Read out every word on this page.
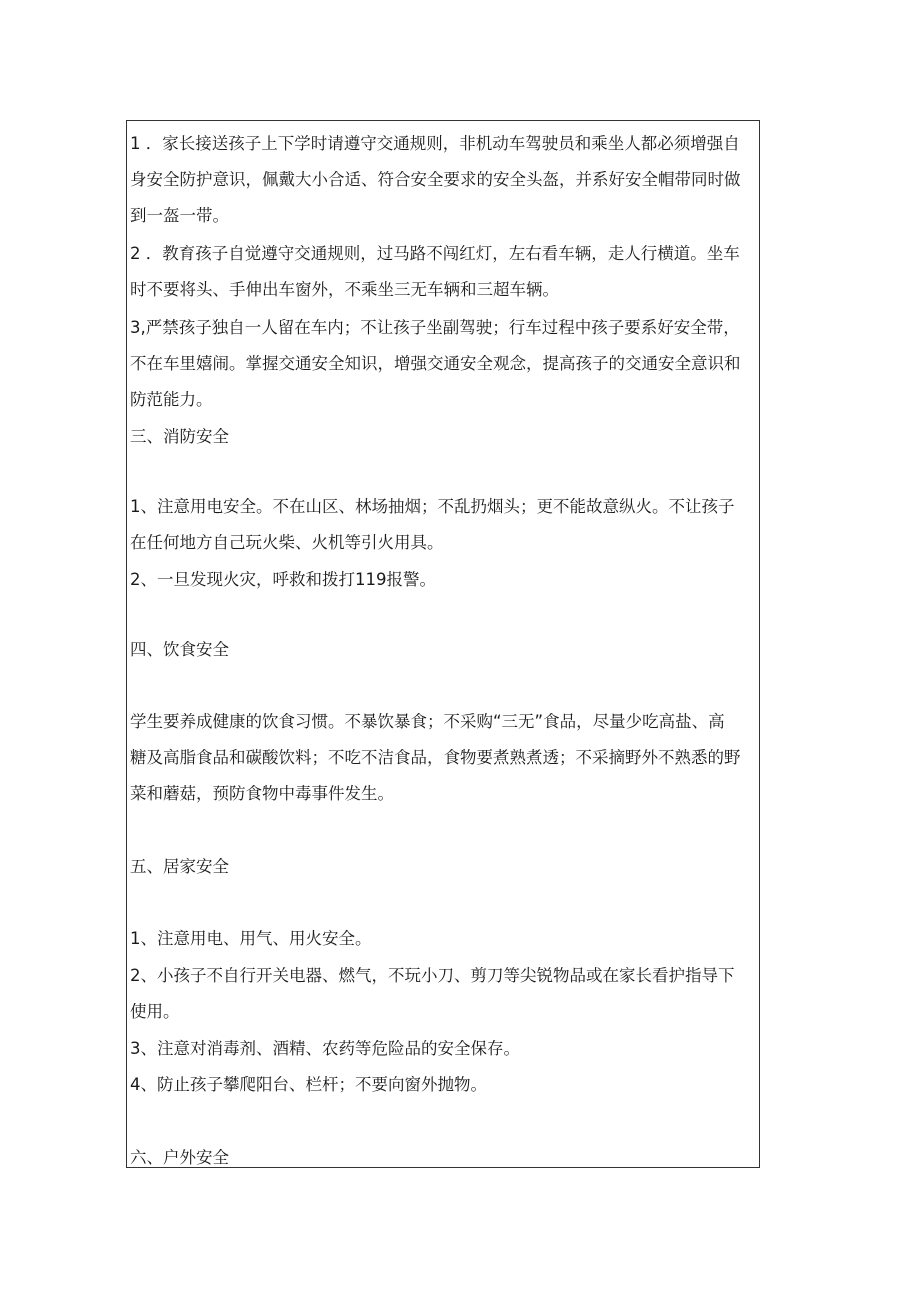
1 ．家长接送孩子上下学时请遵守交通规则，非机动车驾驶员和乘坐人都必须增强自
身安全防护意识，佩戴大小合适、符合安全要求的安全头盔，并系好安全帽带同时做
到一盔一带。
2 ．教育孩子自觉遵守交通规则，过马路不闯红灯，左右看车辆，走人行横道。坐车
时不要将头、手伸出车窗外，不乘坐三无车辆和三超车辆。
3,严禁孩子独自一人留在车内；不让孩子坐副驾驶；行车过程中孩子要系好安全带，
不在车里嬉闹。掌握交通安全知识，增强交通安全观念，提高孩子的交通安全意识和
防范能力。
三、消防安全
1、注意用电安全。不在山区、林场抽烟；不乱扔烟头；更不能故意纵火。不让孩子
在任何地方自己玩火柴、火机等引火用具。
2、一旦发现火灾，呼救和拨打119报警。
四、饮食安全
学生要养成健康的饮食习惯。不暴饮暴食；不采购“三无”食品，尽量少吃高盐、高
糖及高脂食品和碳酸饮料；不吃不洁食品，食物要煮熟煮透；不采摘野外不熟悉的野
菜和蘑菇，预防食物中毒事件发生。
五、居家安全
1、注意用电、用气、用火安全。
2、小孩子不自行开关电器、燃气，不玩小刀、剪刀等尖锐物品或在家长看护指导下
使用。
3、注意对消毒剂、酒精、农药等危险品的安全保存。
4、防止孩子攀爬阳台、栏杆；不要向窗外抛物。
六、户外安全
